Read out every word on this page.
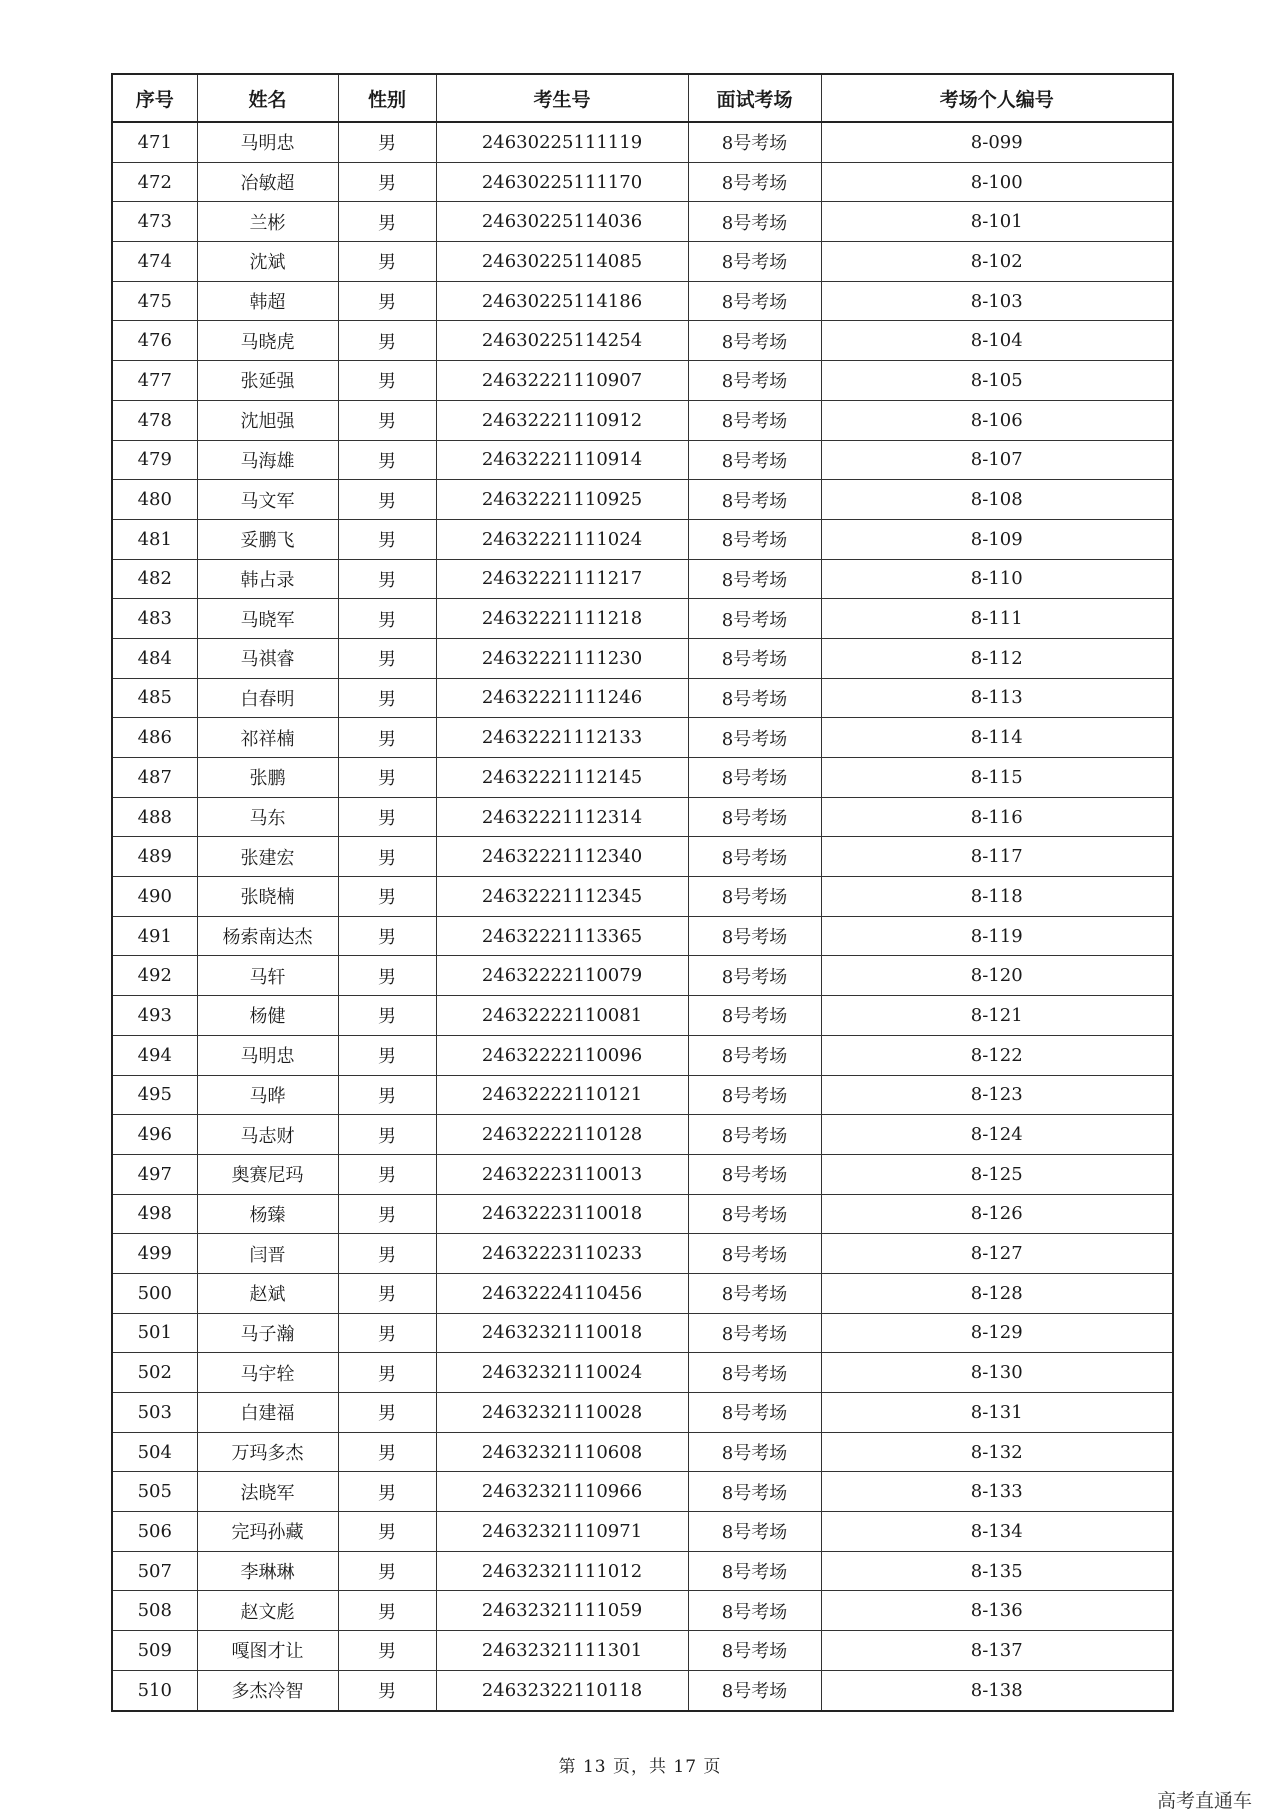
序号	姓名	性别	考生号	面试考场	考场个人编号
471	马明忠	男	24630225111119	8号考场	8-099
472	冶敏超	男	24630225111170	8号考场	8-100
473	兰彬	男	24630225114036	8号考场	8-101
474	沈斌	男	24630225114085	8号考场	8-102
475	韩超	男	24630225114186	8号考场	8-103
476	马晓虎	男	24630225114254	8号考场	8-104
477	张延强	男	24632221110907	8号考场	8-105
478	沈旭强	男	24632221110912	8号考场	8-106
479	马海雄	男	24632221110914	8号考场	8-107
480	马文军	男	24632221110925	8号考场	8-108
481	妥鹏飞	男	24632221111024	8号考场	8-109
482	韩占录	男	24632221111217	8号考场	8-110
483	马晓军	男	24632221111218	8号考场	8-111
484	马祺睿	男	24632221111230	8号考场	8-112
485	白春明	男	24632221111246	8号考场	8-113
486	祁祥楠	男	24632221112133	8号考场	8-114
487	张鹏	男	24632221112145	8号考场	8-115
488	马东	男	24632221112314	8号考场	8-116
489	张建宏	男	24632221112340	8号考场	8-117
490	张晓楠	男	24632221112345	8号考场	8-118
491	杨索南达杰	男	24632221113365	8号考场	8-119
492	马轩	男	24632222110079	8号考场	8-120
493	杨健	男	24632222110081	8号考场	8-121
494	马明忠	男	24632222110096	8号考场	8-122
495	马晔	男	24632222110121	8号考场	8-123
496	马志财	男	24632222110128	8号考场	8-124
497	奥赛尼玛	男	24632223110013	8号考场	8-125
498	杨臻	男	24632223110018	8号考场	8-126
499	闫晋	男	24632223110233	8号考场	8-127
500	赵斌	男	24632224110456	8号考场	8-128
501	马子瀚	男	24632321110018	8号考场	8-129
502	马宇辁	男	24632321110024	8号考场	8-130
503	白建福	男	24632321110028	8号考场	8-131
504	万玛多杰	男	24632321110608	8号考场	8-132
505	法晓军	男	24632321110966	8号考场	8-133
506	完玛孙藏	男	24632321110971	8号考场	8-134
507	李琳琳	男	24632321111012	8号考场	8-135
508	赵文彪	男	24632321111059	8号考场	8-136
509	嘎图才让	男	24632321111301	8号考场	8-137
510	多杰冷智	男	24632322110118	8号考场	8-138
第 13 页，共 17 页
高考直通车
